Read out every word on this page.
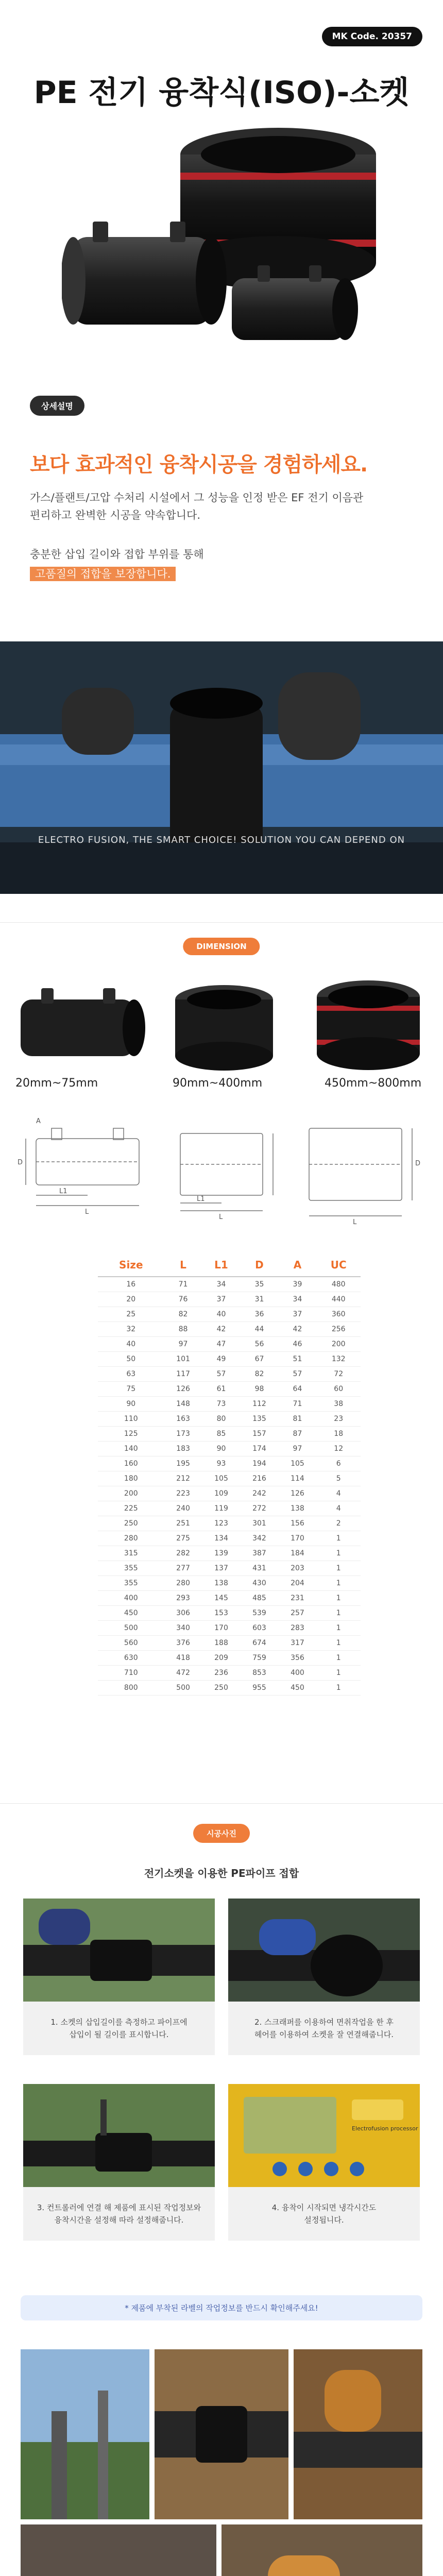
MK Code. 20357
PE 전기 융착식(ISO)-소켓
상세설명
보다 효과적인 융착시공을 경험하세요.
가스/플랜트/고압 수처리 시설에서 그 성능을 인정 받은 EF 전기 이음관
편리하고 완벽한 시공을 약속합니다.
충분한 삽입 길이와 접합 부위를 통해
고품질의 접합을 보장합니다.
ELECTRO FUSION, THE SMART CHOICE! SOLUTION YOU CAN DEPEND ON
DIMENSION
20mm~75mm	90mm~400mm	450mm~800mm
L1
L
D
A
L1
L
L
D
Size	L	L1	D	A	UC
16	71	34	35	39	480
20	76	37	31	34	440
25	82	40	36	37	360
32	88	42	44	42	256
40	97	47	56	46	200
50	101	49	67	51	132
63	117	57	82	57	72
75	126	61	98	64	60
90	148	73	112	71	38
110	163	80	135	81	23
125	173	85	157	87	18
140	183	90	174	97	12
160	195	93	194	105	6
180	212	105	216	114	5
200	223	109	242	126	4
225	240	119	272	138	4
250	251	123	301	156	2
280	275	134	342	170	1
315	282	139	387	184	1
355	277	137	431	203	1
355	280	138	430	204	1
400	293	145	485	231	1
450	306	153	539	257	1
500	340	170	603	283	1
560	376	188	674	317	1
630	418	209	759	356	1
710	472	236	853	400	1
800	500	250	955	450	1
시공사진
전기소켓을 이용한 PE파이프 접합
1. 소켓의 삽입길이를 측정하고 파이프에
삽입이 될 길이를 표시합니다.
2. 스크래퍼를 이용하여 면취작업을 한 후
헤어를 이용하여 소켓을 잘 연결해줍니다.
3. 컨트롤러에 연결 해 제품에 표시된 작업정보와
융착시간을 설정해 따라 설정해줍니다.
Electrofusion processor
4. 융착이 시작되면 냉각시간도
설정됩니다.
* 제품에 부착된 라벨의 작업정보를 반드시 확인해주세요!
